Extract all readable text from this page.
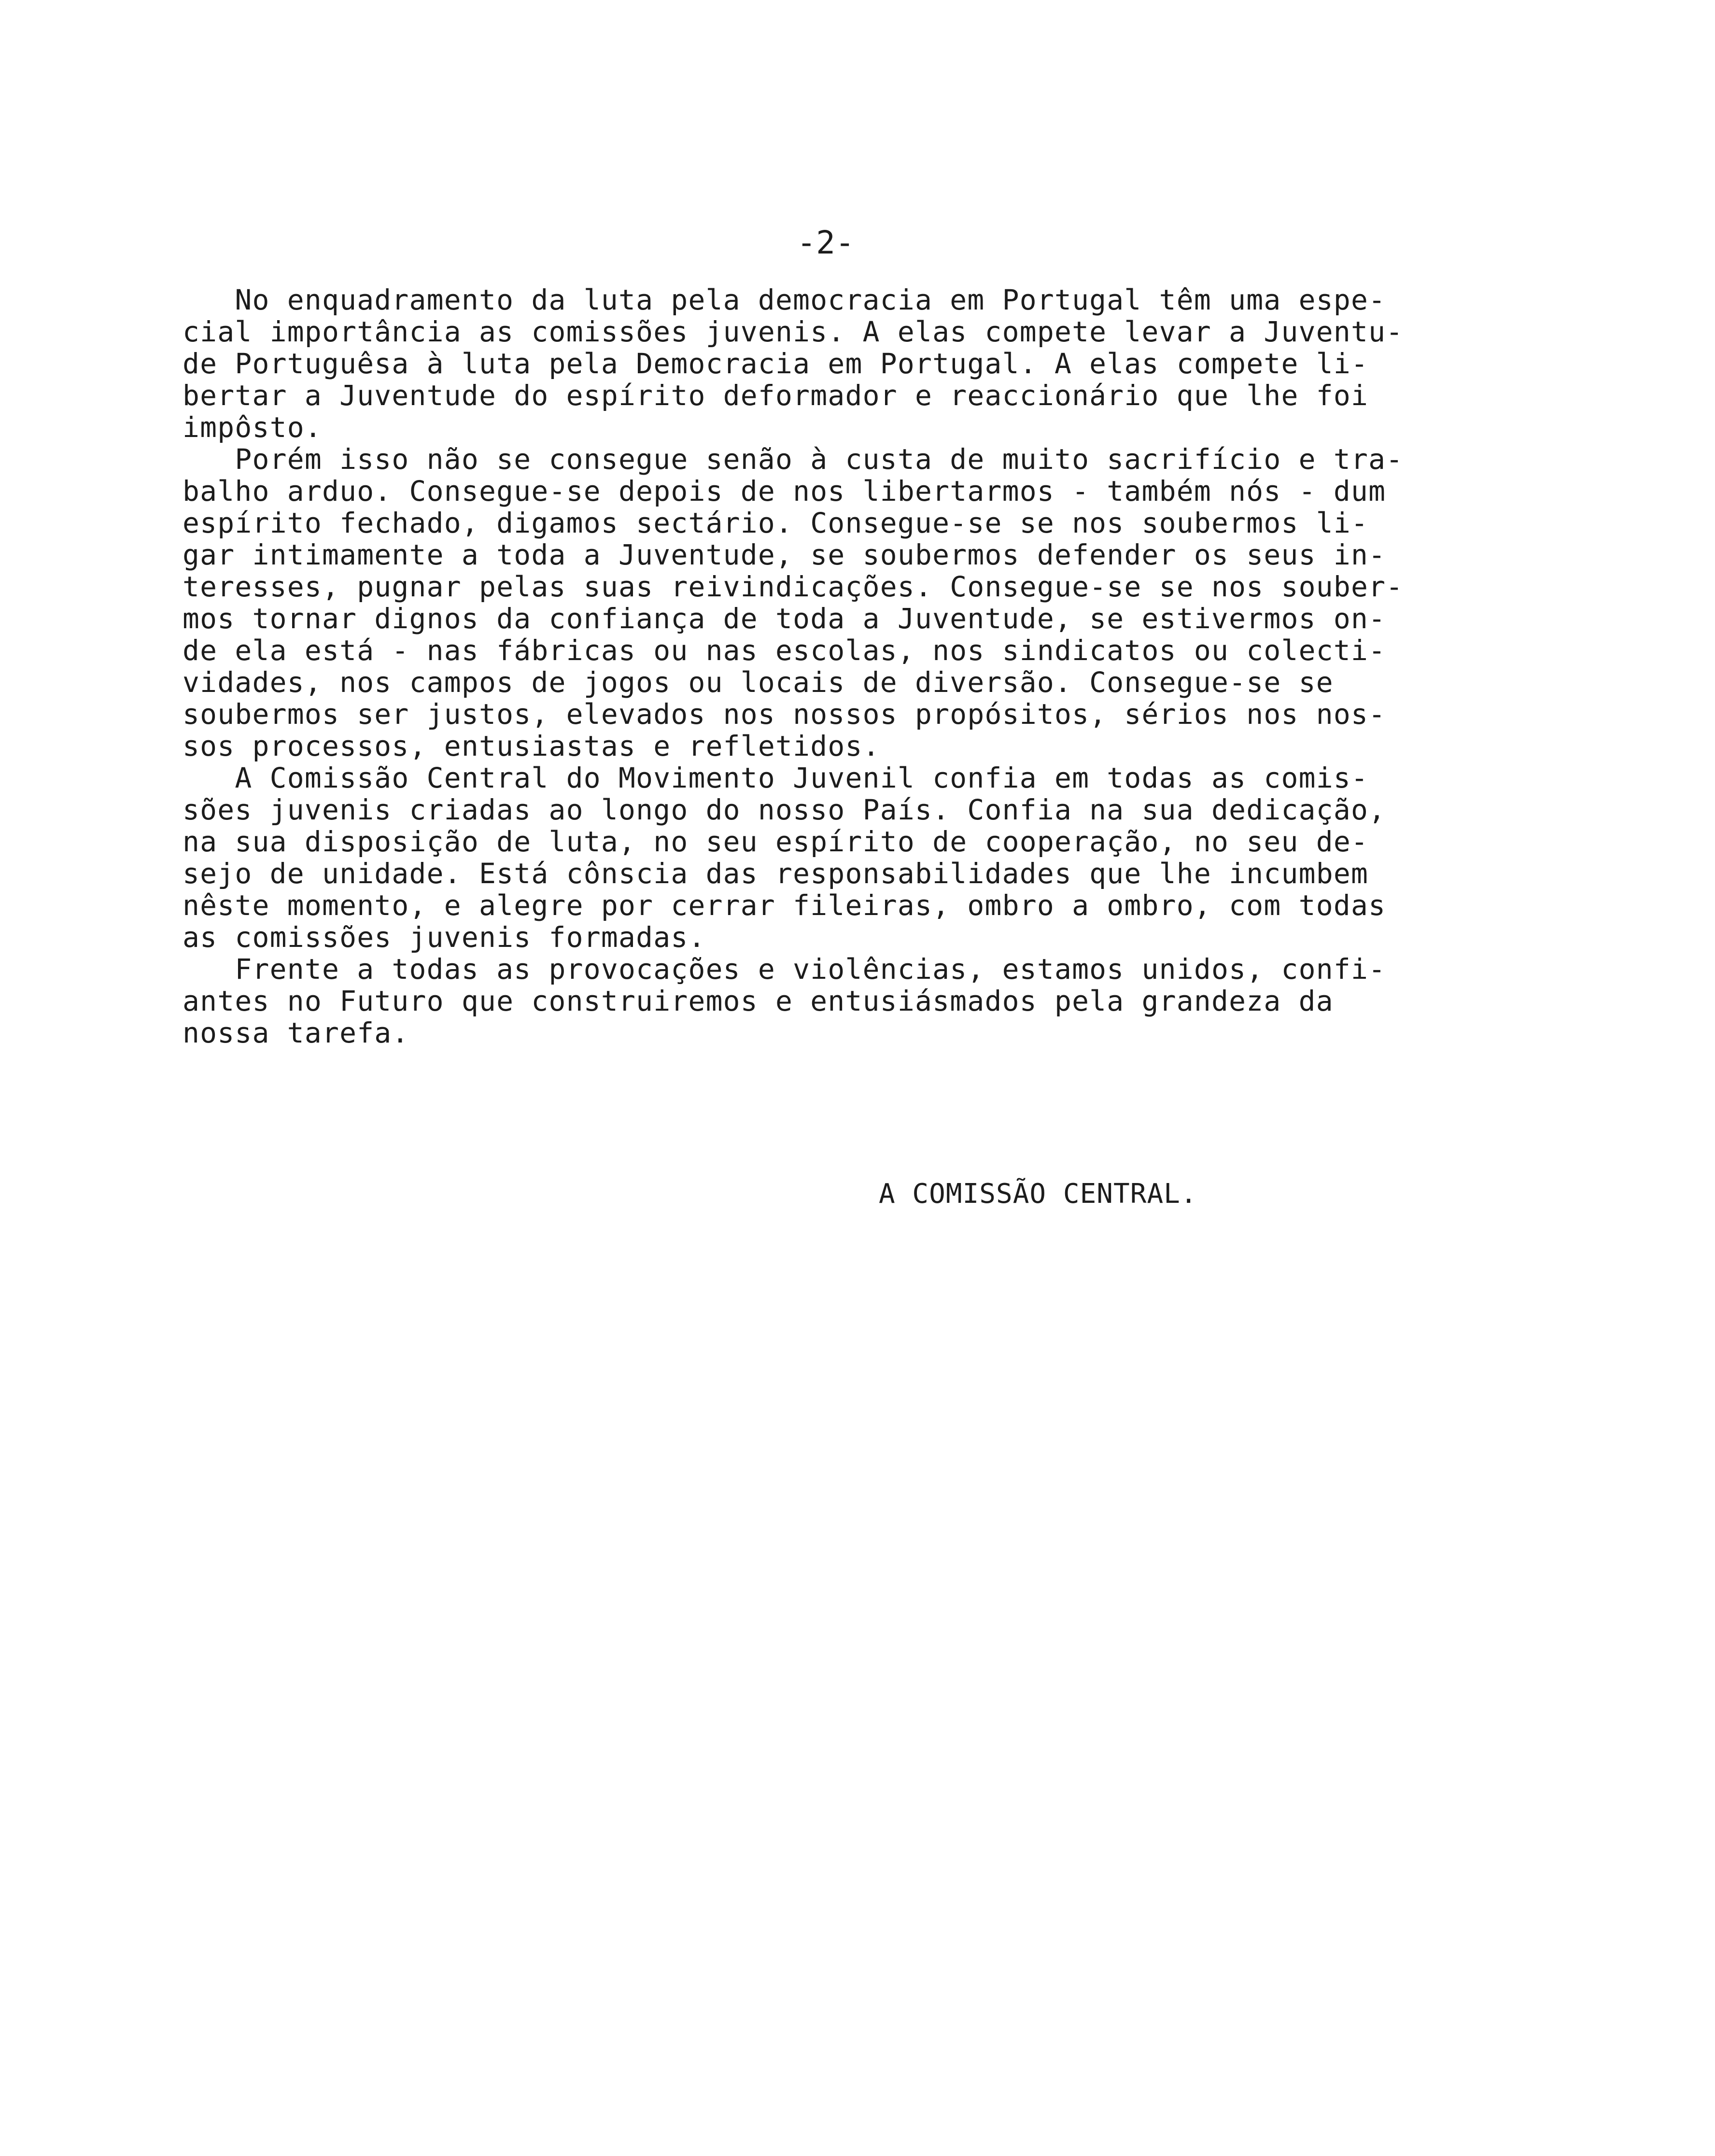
-2-
No enquadramento da luta pela democracia em Portugal têm uma espe-
cial importância as comissões juvenis. A elas compete levar a Juventu-
de Portuguêsa à luta pela Democracia em Portugal. A elas compete li-
bertar a Juventude do espírito deformador e reaccionário que lhe foi
impôsto.
Porém isso não se consegue senão à custa de muito sacrifício e tra-
balho arduo. Consegue-se depois de nos libertarmos - também nós - dum
espírito fechado, digamos sectário. Consegue-se se nos soubermos li-
gar intimamente a toda a Juventude, se soubermos defender os seus in-
teresses, pugnar pelas suas reivindicações. Consegue-se se nos souber-
mos tornar dignos da confiança de toda a Juventude, se estivermos on-
de ela está - nas fábricas ou nas escolas, nos sindicatos ou colecti-
vidades, nos campos de jogos ou locais de diversão. Consegue-se se
soubermos ser justos, elevados nos nossos propósitos, sérios nos nos-
sos processos, entusiastas e refletidos.
A Comissão Central do Movimento Juvenil confia em todas as comis-
sões juvenis criadas ao longo do nosso País. Confia na sua dedicação,
na sua disposição de luta, no seu espírito de cooperação, no seu de-
sejo de unidade. Está cônscia das responsabilidades que lhe incumbem
nêste momento, e alegre por cerrar fileiras, ombro a ombro, com todas
as comissões juvenis formadas.
Frente a todas as provocações e violências, estamos unidos, confi-
antes no Futuro que construiremos e entusiásmados pela grandeza da
nossa tarefa.
A COMISSÃO CENTRAL.
